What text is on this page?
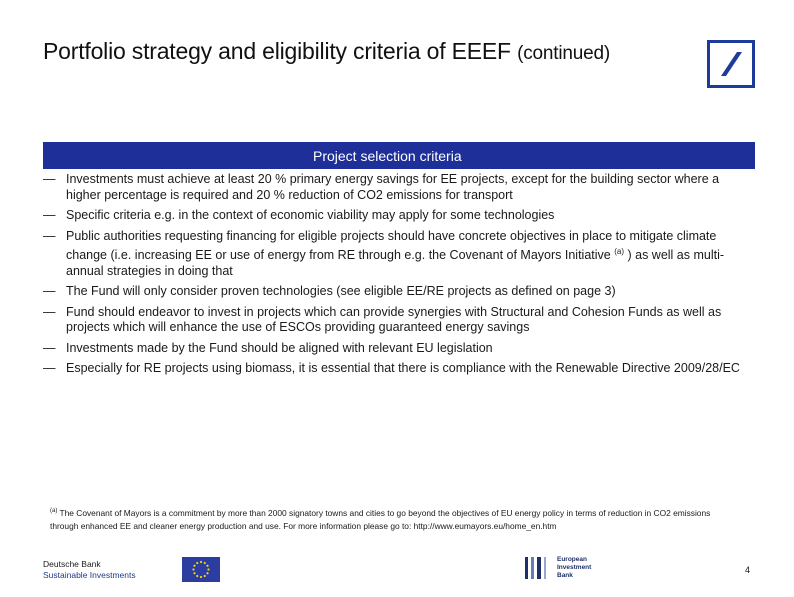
Portfolio strategy and eligibility criteria of EEEF (continued)
Project selection criteria
— Investments must achieve at least 20 % primary energy savings for EE projects, except for the building sector where a higher percentage is required and 20 % reduction of CO2 emissions for transport
— Specific criteria e.g. in the context of economic viability may apply for some technologies
— Public authorities requesting financing for eligible projects should have concrete objectives in place to mitigate climate change (i.e. increasing EE or use of energy from RE through e.g. the Covenant of Mayors Initiative $^{(a)}$ ) as well as multi-annual strategies in doing that
— The Fund will only consider proven technologies (see eligible EE/RE projects as defined on page 3)
— Fund should endeavor to invest in projects which can provide synergies with Structural and Cohesion Funds as well as projects which will enhance the use of ESCOs providing guaranteed energy savings
— Investments made by the Fund should be aligned with relevant EU legislation
— Especially for RE projects using biomass, it is essential that there is compliance with the Renewable Directive 2009/28/EC
$^{(a)}$ The Covenant of Mayors is a commitment by more than 2000 signatory towns and cities to go beyond the objectives of EU energy policy in terms of reduction in CO2 emissions through enhanced EE and cleaner energy production and use. For more information please go to: http://www.eumayors.eu/home_en.htm
Deutsche Bank
Sustainable Investments
European
Investment
Bank
4
